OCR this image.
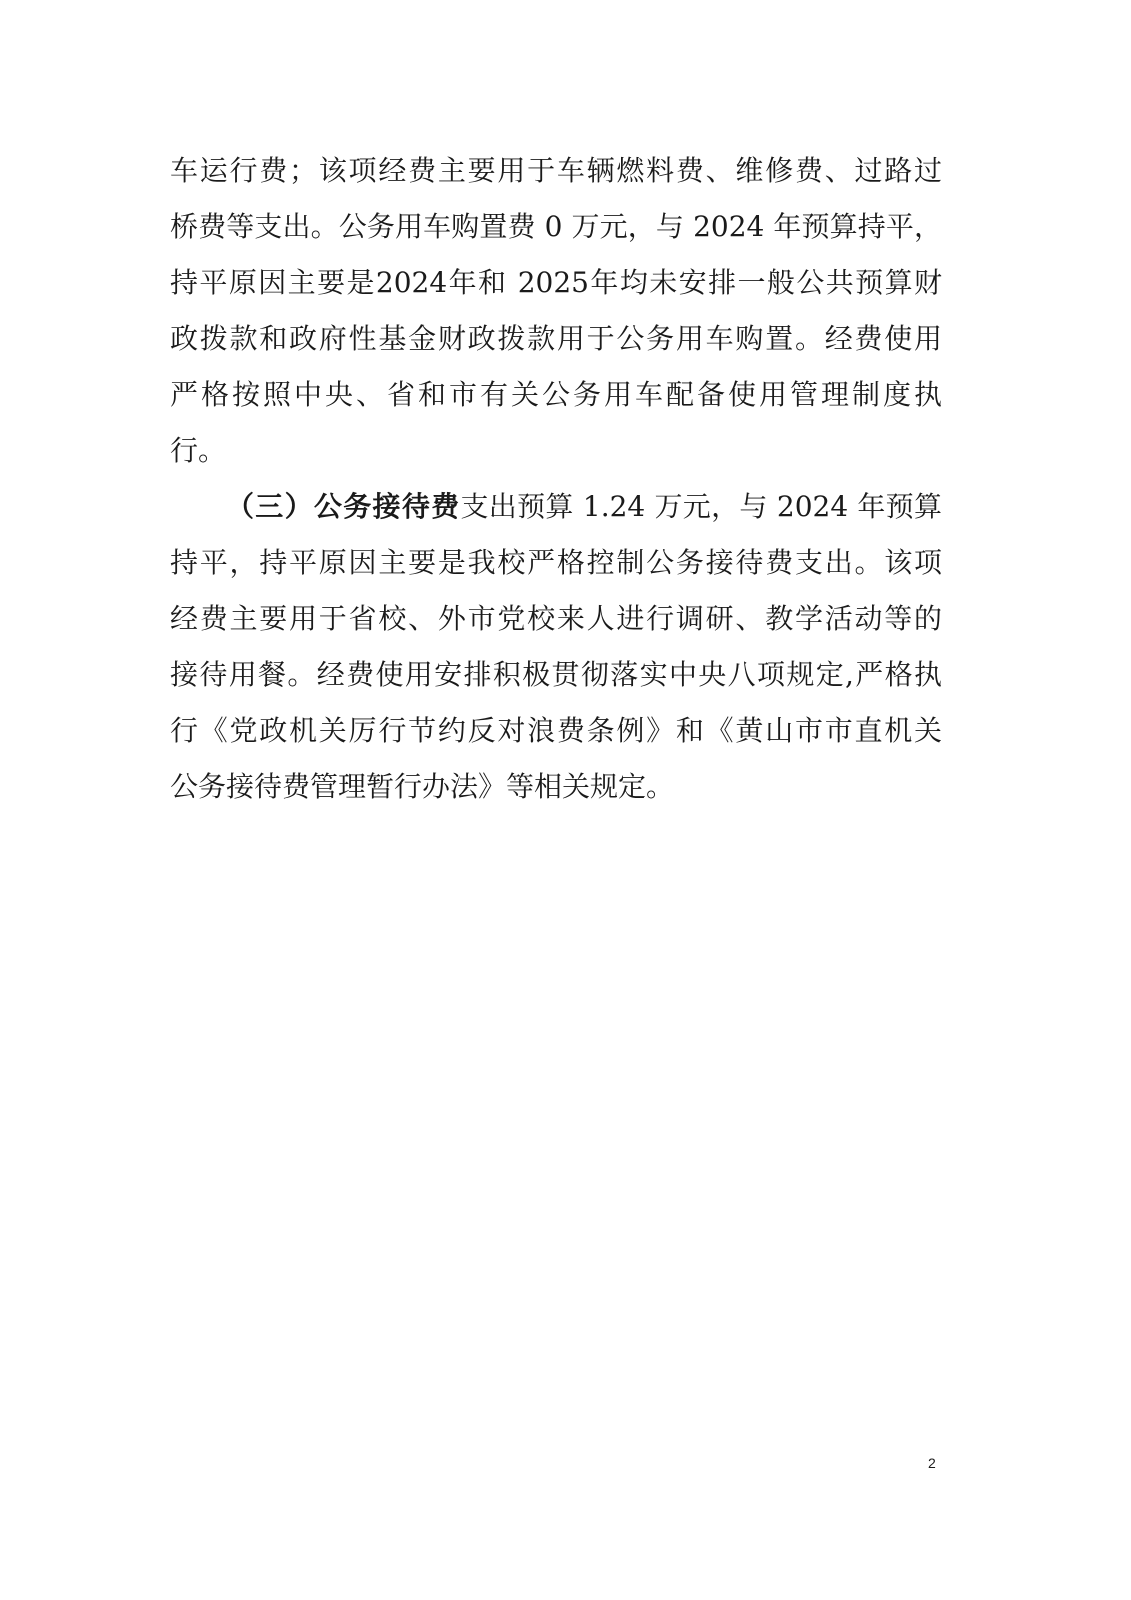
车运行费；该项经费主要用于车辆燃料费、维修费、过路过
桥费等支出。公务用车购置费 0 万元，与 2024 年预算持平，
持平原因主要是2024年和 2025年均未安排一般公共预算财
政拨款和政府性基金财政拨款用于公务用车购置。经费使用
严格按照中央、省和市有关公务用车配备使用管理制度执
行。
（三）公务接待费支出预算 1.24 万元，与 2024 年预算
持平，持平原因主要是我校严格控制公务接待费支出。该项
经费主要用于省校、外市党校来人进行调研、教学活动等的
接待用餐。经费使用安排积极贯彻落实中央八项规定,严格执
行《党政机关厉行节约反对浪费条例》和《黄山市市直机关
公务接待费管理暂行办法》等相关规定。
2
